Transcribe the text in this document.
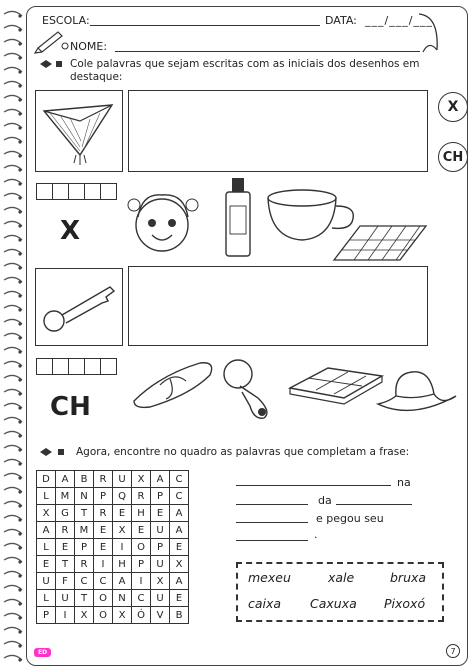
ESCOLA:	DATA: ___/___/___
NOME:
Cole palavras que sejam escritas com as iniciais dos desenhos em destaque:
X
CH
X
CH
Agora, encontre no quadro as palavras que completam a frase:
D	A	B	R	U	X	A	C
L	M	N	P	Q	R	P	C
X	G	T	R	E	H	E	A
A	R	M	E	X	E	U	A
L	E	P	E	I	O	P	E
E	T	R	I	H	P	U	X
U	F	C	C	A	I	X	A
L	U	T	O	N	C	U	E
P	I	X	O	X	Ó	V	B
na
da
e pegou seu
.
mexeu	xale	bruxa
caixa Caxuxa Pixoxó
ED	7
